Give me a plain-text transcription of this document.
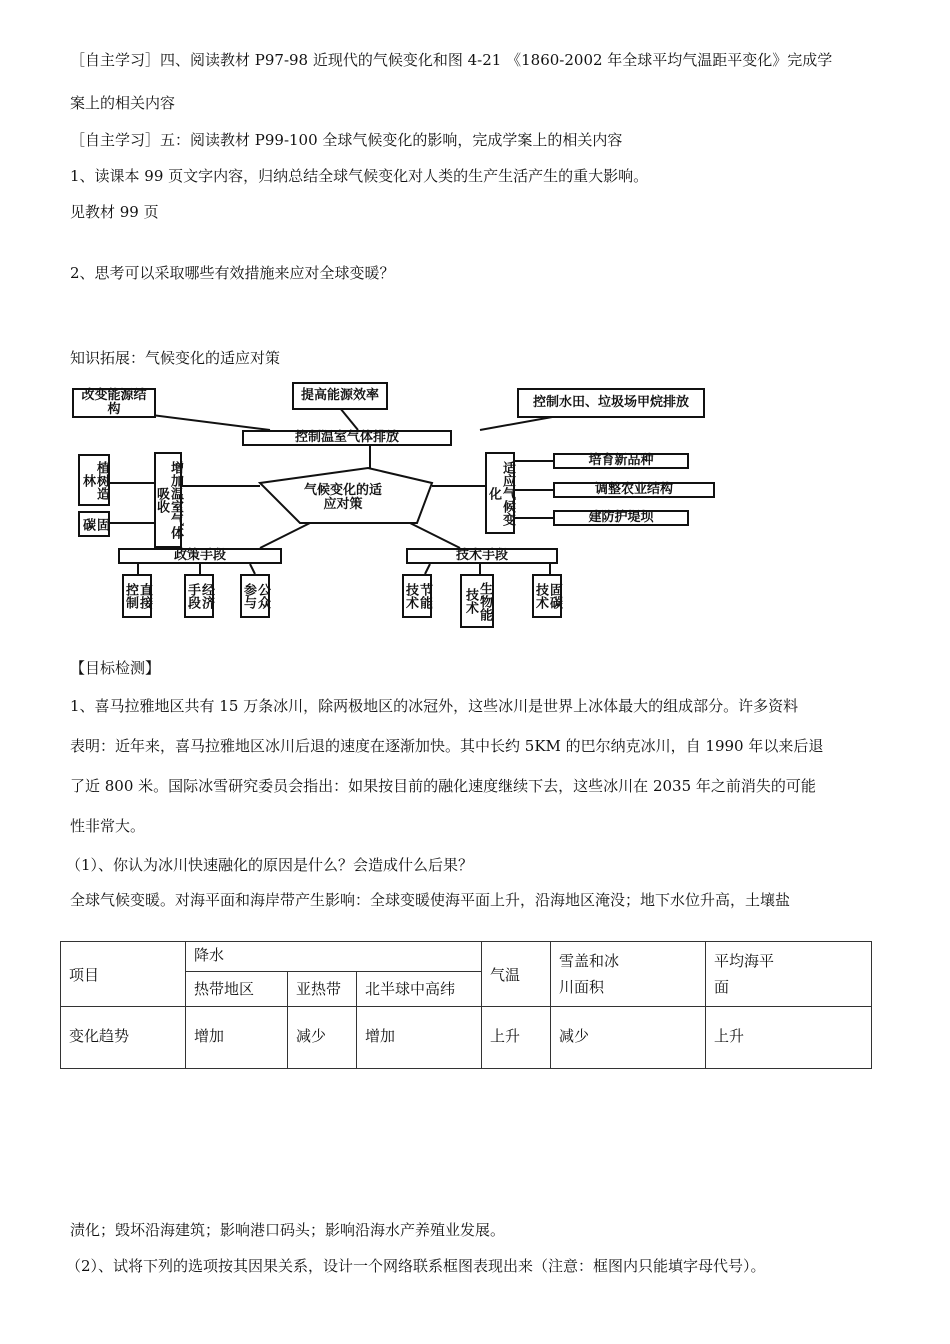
［自主学习］四、阅读教材 P97-98 近现代的气候变化和图 4-21 《1860-2002 年全球平均气温距平变化》完成学
案上的相关内容
［自主学习］五：阅读教材 P99-100 全球气候变化的影响，完成学案上的相关内容
1、读课本 99 页文字内容，归纳总结全球气候变化对人类的生产生活产生的重大影响。
见教材 99 页
2、思考可以采取哪些有效措施来应对全球变暖？
知识拓展：气候变化的适应对策
改变能源结构
提高能源效率	控制水田、垃圾场甲烷排放
控制温室气体排放
植树造林
固碳	增加温室气体吸收	气候变化的适应对策	适应气候变化
培育新品种
调整农业结构
建防护堤坝
政策手段
直接控制	经济手段	公众参与
技术手段
节能技术	生物能技术	固碳技术
【目标检测】
1、喜马拉雅地区共有 15 万条冰川，除两极地区的冰冠外，这些冰川是世界上冰体最大的组成部分。许多资料
表明：近年来，喜马拉雅地区冰川后退的速度在逐渐加快。其中长约 5KM 的巴尔纳克冰川，自 1990 年以来后退
了近 800 米。国际冰雪研究委员会指出：如果按目前的融化速度继续下去，这些冰川在 2035 年之前消失的可能
性非常大。
（1）、你认为冰川快速融化的原因是什么？会造成什么后果？
全球气候变暖。对海平面和海岸带产生影响：全球变暖使海平面上升，沿海地区淹没；地下水位升高，土壤盐
项目	降水			气温	雪盖和冰川面积	平均海平面
	热带地区	亚热带	北半球中高纬			
变化趋势	增加	减少	增加	上升	减少	上升
渍化；毁坏沿海建筑；影响港口码头；影响沿海水产养殖业发展。
（2）、试将下列的选项按其因果关系，设计一个网络联系框图表现出来（注意：框图内只能填字母代号）。
